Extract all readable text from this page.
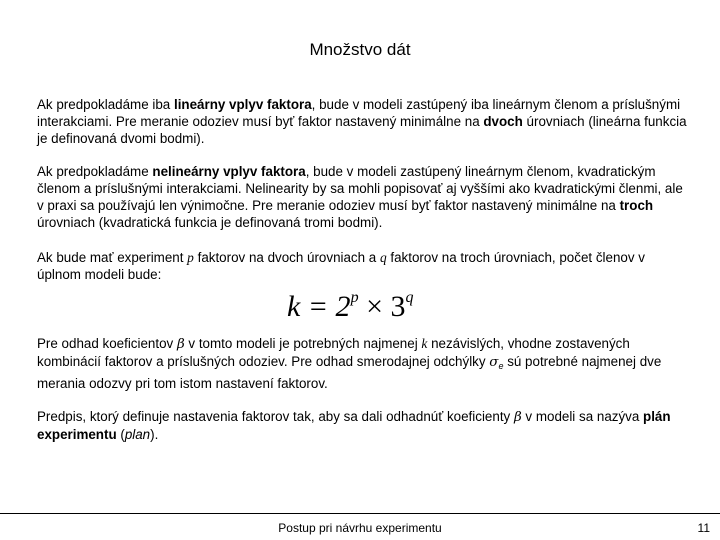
Množstvo dát
Ak predpokladáme iba lineárny vplyv faktora, bude v modeli zastúpený iba lineárnym členom a príslušnými interakciami. Pre meranie odoziev musí byť faktor nastavený minimálne na dvoch úrovniach (lineárna funkcia je definovaná dvomi bodmi).
Ak predpokladáme nelineárny vplyv faktora, bude v modeli zastúpený lineárnym členom, kvadratickým členom a príslušnými interakciami. Nelinearity by sa mohli popisovať aj vyššími ako kvadratickými členmi, ale v praxi sa používajú len výnimočne. Pre meranie odoziev musí byť faktor nastavený minimálne na troch úrovniach (kvadratická funkcia je definovaná tromi bodmi).
Ak bude mať experiment p faktorov na dvoch úrovniach a q faktorov na troch úrovniach, počet členov v úplnom modeli bude:
$k = 2^p \times 3^q$
Pre odhad koeficientov β v tomto modeli je potrebných najmenej k nezávislých, vhodne zostavených kombinácií faktorov a príslušných odoziev. Pre odhad smerodajnej odchýlky $\sigma_e$ sú potrebné najmenej dve merania odozvy pri tom istom nastavení faktorov.
Predpis, ktorý definuje nastavenia faktorov tak, aby sa dali odhadnúť koeficienty β v modeli sa nazýva plán experimentu (plan).
Postup pri návrhu experimentu	11
